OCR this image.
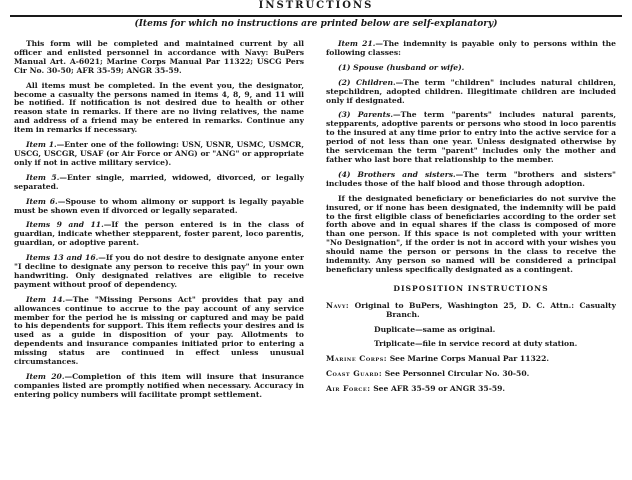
INSTRUCTIONS
(Items for which no instructions are printed below are self-explanatory)

This form will be completed and maintained current by all officer and enlisted personnel in accordance with Navy: BuPers Manual Art. A-6021; Marine Corps Manual Par 11322; USCG Pers Cir No. 30-50; AFR 35-59; ANGR 35-59.

All items must be completed. In the event you, the designator, become a casualty the persons named in items 4, 8, 9, and 11 will be notified. If notification is not desired due to health or other reason state in remarks. If there are no living relatives, the name and address of a friend may be entered in remarks. Continue any item in remarks if necessary.

Item 1.—Enter one of the following: USN, USNR, USMC, USMCR, USCG, USCGR, USAF (or Air Force or ANG) or "ANG" or appropriate only if not in active military service).

Item 5.—Enter single, married, widowed, divorced, or legally separated.

Item 6.—Spouse to whom alimony or support is legally payable must be shown even if divorced or legally separated.

Items 9 and 11.—If the person entered is in the class of guardian, indicate whether stepparent, foster parent, loco parentis, guardian, or adoptive parent.

Items 13 and 16.—If you do not desire to designate anyone enter "I decline to designate any person to receive this pay" in your own handwriting. Only designated relatives are eligible to receive payment without proof of dependency.

Item 14.—The "Missing Persons Act" provides that pay and allowances continue to accrue to the pay account of any service member for the period he is missing or captured and may be paid to his dependents for support. This item reflects your desires and is used as a guide in disposition of your pay. Allotments to dependents and insurance companies initiated prior to entering a missing status are continued in effect unless unusual circumstances.

Item 20.—Completion of this item will insure that insurance companies listed are promptly notified when necessary. Accuracy in entering policy numbers will facilitate prompt settlement.

Item 21.—The indemnity is payable only to persons within the following classes:

(1) Spouse (husband or wife).

(2) Children.—The term "children" includes natural children, stepchildren, adopted children. Illegitimate children are included only if designated.

(3) Parents.—The term "parents" includes natural parents, stepparents, adoptive parents or persons who stood in loco parentis to the insured at any time prior to entry into the active service for a period of not less than one year. Unless designated otherwise by the serviceman the term "parent" includes only the mother and father who last bore that relationship to the member.

(4) Brothers and sisters.—The term "brothers and sisters" includes those of the half blood and those through adoption.

If the designated beneficiary or beneficiaries do not survive the insured, or if none has been designated, the indemnity will be paid to the first eligible class of beneficiaries according to the order set forth above and in equal shares if the class is composed of more than one person. If this space is not completed with your written "No Designation", if the order is not in accord with your wishes you should name the person or persons in the class to receive the indemnity. Any person so named will be considered a principal beneficiary unless specifically designated as a contingent.

DISPOSITION INSTRUCTIONS
Navy: Original to BuPers, Washington 25, D. C. Attn.: Casualty Branch.
Duplicate—same as original.
Triplicate—file in service record at duty station.
Marine Corps: See Marine Corps Manual Par 11322.
Coast Guard: See Personnel Circular No. 30-50.
Air Force: See AFR 35-59 or ANGR 35-59.
